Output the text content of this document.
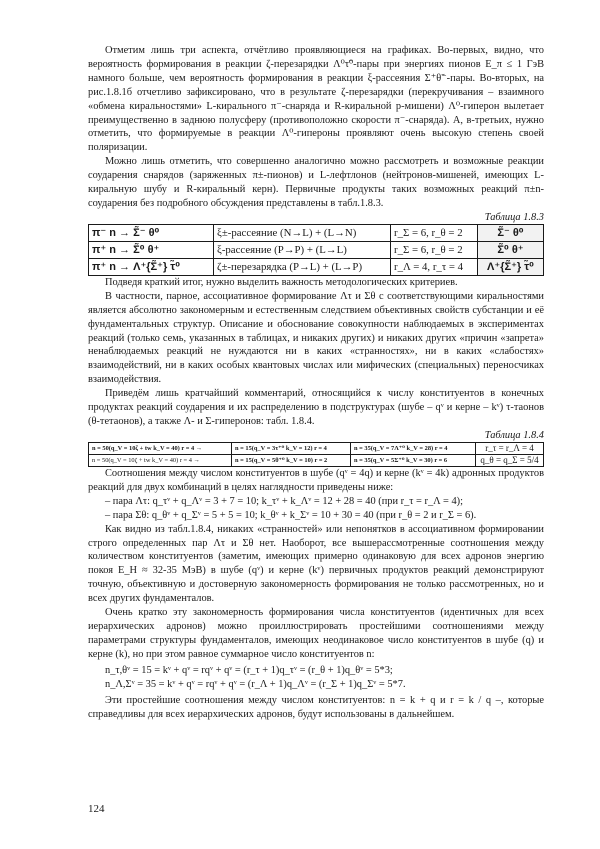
Отметим лишь три аспекта, отчётливо проявляющиеся на графиках. Во-первых, видно, что вероятность формирования в реакции ζ-перезарядки Λ⁰τ̃⁰-пары при энергиях пионов E_π ≤ 1 ГэВ намного больше, чем вероятность формирования в реакции ξ-рассеяния Σ⁺θ̃⁻-пары. Во-вторых, на рис.1.8.1б отчетливо зафиксировано, что в результате ζ-перезарядки (перекручивания – взаимного «обмена киральностями» L-кирального π⁻-снаряда и R-киральной p-мишени) Λ⁰-гиперон вылетает преимущественно в заднюю полусферу (противоположно скорости π⁻-снаряда). А, в-третьих, нужно отметить, что формируемые в реакции Λ⁰-гипероны проявляют очень высокую степень своей поляризации.

Можно лишь отметить, что совершенно аналогично можно рассмотреть и возможные реакции соударения снарядов (заряженных π±-пионов) и L-лефтлонов (нейтронов-мишеней, имеющих L-киральную шубу и R-киральный керн). Первичные продукты таких возможных реакций π±n-соударения без подробного обсуждения представлены в табл.1.8.3.

Таблица 1.8.3

π⁻ n → Σ̃⁻ θ⁰	ξ±-рассеяние (N→L) + (L→N)	r_Σ = 6, r_θ = 2	Σ̃⁻ θ⁰
π⁺ n → Σ̃⁰ θ⁺	ξ-рассеяние (P→P) + (L→L)	r_Σ = 6, r_θ = 2	Σ̃⁰ θ⁺
π⁺ n → Λ⁺{Σ̃⁺} τ̃⁰	ζ±-перезарядка (P→L) + (L→P)	r_Λ = 4, r_τ = 4	Λ⁺{Σ̃⁺} τ̃⁰

Подведя краткий итог, нужно выделить важность методологических критериев.

В частности, парное, ассоциативное формирование Λτ и Σθ с соответствующими киральностями является абсолютно закономерным и естественным следствием объективных свойств субстанции и её фундаментальных структур. Описание и обоснование совокупности наблюдаемых в экспериментах реакций (только семь, указанных в таблицах, и никаких других) и никаких других «причин «запрета» ненаблюдаемых реакций не нуждаются ни в каких «странностях», ни в каких «слабостях» взаимодействий, ни в каких особых квантовых числах или мифических (специальных) переносчиках взаимодействия.

Приведём лишь кратчайший комментарий, относящийся к числу конституентов в конечных продуктах реакций соударения и их распределению в подструктурах (шубе – qᵛ и керне – kᵛ) τ-таонов (θ-тетаонов), а также Λ- и Σ-гиперонов: табл. 1.8.4.

Таблица 1.8.4

n = 50(q_V = 10ζ + tw k_V = 40) r = 4 →	n = 15(q_V = 3τ⁺⁰ k_V = 12) r = 4	n = 35(q_V = 7Λ⁺⁰ k_V = 28) r = 4	r_τ = r_Λ = 4
n = 50(q_V = 10ζ + tw k_V = 40) r = 4 →	n = 15(q_V = 5θ⁺⁰ k_V = 10) r = 2	n = 35(q_V = 5Σ⁺⁰ k_V = 30) r = 6	q_θ = q_Σ = 5/4

Соотношения между числом конституентов в шубе (qᵛ = 4q) и керне (kᵛ = 4k) адронных продуктов реакций для двух комбинаций в целях наглядности приведены ниже:

– пара Λτ: q_τᵛ + q_Λᵛ = 3 + 7 = 10; k_τᵛ + k_Λᵛ = 12 + 28 = 40 (при r_τ = r_Λ = 4);
– пара Σθ: q_θᵛ + q_Σᵛ = 5 + 5 = 10; k_θᵛ + k_Σᵛ = 10 + 30 = 40 (при r_θ = 2 и r_Σ = 6).

Как видно из табл.1.8.4, никаких «странностей» или непонятков в ассоциативном формировании строго определенных пар Λτ и Σθ нет. Наоборот, все вышерассмотренные соотношения между количеством конституентов (заметим, имеющих примерно одинаковую для всех адронов энергию покоя E_H ≈ 32-35 МэВ) в шубе (qᵛ) и керне (kᵛ) первичных продуктов реакций демонстрируют точную, объективную и достоверную закономерность формирования не только рассмотренных, но и всех других фундаменталов.

Очень кратко эту закономерность формирования числа конституентов (идентичных для всех иерархических адронов) можно проиллюстрировать простейшими соотношениями между параметрами структуры фундаменталов, имеющих неодинаковое число конституентов в шубе (q) и керне (k), но при этом равное суммарное число конституентов n:

n_τ,θᵛ = 15 = kᵛ + qᵛ = rqᵛ + qᵛ = (r_τ + 1)q_τᵛ = (r_θ + 1)q_θᵛ = 5*3;
n_Λ,Σᵛ = 35 = kᵛ + qᵛ = rqᵛ + qᵛ = (r_Λ + 1)q_Λᵛ = (r_Σ + 1)q_Σᵛ = 5*7.

Эти простейшие соотношения между числом конституентов: n = k + q и r = k / q –, которые справедливы для всех иерархических адронов, будут использованы в дальнейшем.

124
